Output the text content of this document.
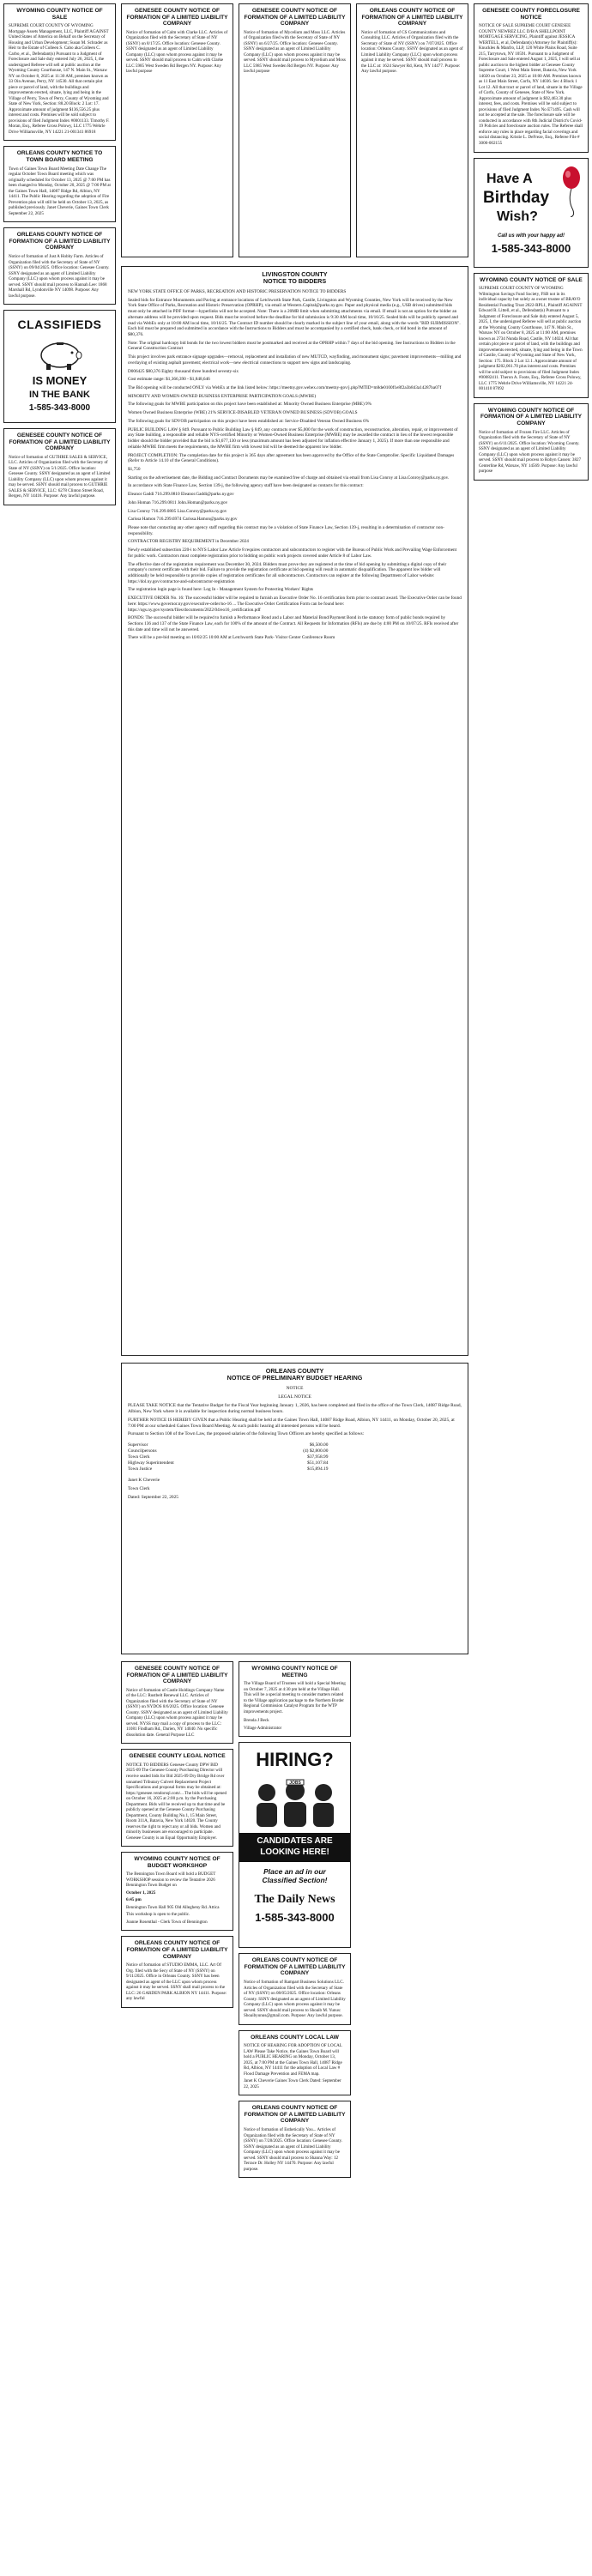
WYOMING COUNTY NOTICE OF SALE

SUPREME COURT COUNTY OF WYOMING Mortgage Assets Management, LLC, Plaintiff AGAINST United States of America on Behalf on the Secretary of Housing and Urban Development; Susan M. Schrader as Heir to the Estate of Colleen S. Cabo aka Colleen C. Carbo, et al., Defendant(s) Pursuant to a Judgment of Foreclosure and Sale duly entered July 26, 2025, I, the undersigned Referee will sell at public auction at the Wyoming County Courthouse, 147 N. Main St., Warsaw NY on October 8, 2025 at 11:30 AM, premises known as 33 Oin Avenue, Perry, NY 14530. All that certain plot piece or parcel of land, with the buildings and improvements erected, situate, lying and being in the Village of Perry, Town of Perry, County of Wyoming and State of New York, Section: 88.20 Block: 2 Lot: 17. Approximate amount of judgment $136,556.25 plus interest and costs. Premises will be sold subject to provisions of filed Judgment Index #0001133. Timothy F. Moran, Esq., Referee Gross Polowy, LLC 1775 Wehrle Drive Williamsville, NY 14221 21-001341 86918

ORLEANS COUNTY NOTICE TO TOWN BOARD MEETING

Town of Gaines Town Board Meeting Date Change The regular October Town Board meeting which was originally scheduled for October 13, 2025 @ 7:00 PM has been changed to Monday, October 20, 2025 @ 7:00 PM at the Gaines Town Hall, 14087 Ridge Rd, Albion, NY 14411. The Public Hearing regarding the adoption of Fire Prevention plan will still be held on October 13, 2025, as published previously. Janet Cheverie, Gaines Town Clerk September 22, 2025

ORLEANS COUNTY NOTICE OF FORMATION OF A LIMITED LIABILITY COMPANY

Notice of formation of Just A Hobby Farm. Articles of Organization filed with the Secretary of State of NY (SSNY) on 09/04/2025. Office location: Genesee County. SSNY designated as an agent of Limited Liability Company (LLC) upon whom process against it may be served. SSNY should mail process to Hannah Lee: 1868 Marshall Rd, Lyndonville NY 14098. Purpose: Any lawful purpose.

CLASSIFIEDS
IS MONEY
IN THE BANK
1-585-343-8000
GENESEE COUNTY NOTICE OF FORMATION OF A LIMITED LIABILITY COMPANY

Notice of formation of GUTHRIE SALES & SERVICE, LLC. Articles of Organization filed with the Secretary of State of NY (SSNY) on 5/1/2025. Office location: Genesee County. SSNY designated as an agent of Limited Liability Company (LLC) upon whom process against it may be served. SSNY should mail process to GUTHRIE SALES & SERVICE, LLC: 6278 Clinton Street Road, Bergen, NY 14416. Purpose: Any lawful purpose.

GENESEE COUNTY NOTICE OF FORMATION OF A LIMITED LIABILITY COMPANY

Notice of formation of Calm with Clarke LLC. Articles of Organization filed with the Secretary of State of NY (SSNY) on 8/17/25. Office location: Genesee County. SSNY designated as an agent of Limited Liability Company (LLC) upon whom process against it may be served. SSNY should mail process to Calm with Clarke LLC 5985 West Sweden Rd Bergen NY. Purpose: Any lawful purpose

GENESEE COUNTY NOTICE OF FORMATION OF A LIMITED LIABILITY COMPANY

Notice of formation of Mycelium and Moss LLC. Articles of Organization filed with the Secretary of State of NY (SSNY) on 6/27/25. Office location: Genesee County. SSNY designated as an agent of Limited Liability Company (LLC) upon whom process against it may be served. SSNY should mail process to Mycelium and Moss LLC 5985 West Sweden Rd Bergen NY. Purpose: Any lawful purpose

ORLEANS COUNTY NOTICE OF FORMATION OF A LIMITED LIABILITY COMPANY

Notice of formation of CS Communications and Consulting LLC. Articles of Organization filed with the Secretary of State of NY (SSNY) on 7/07/2025. Office location: Orleans County. SSNY designated as an agent of Limited Liability Company (LLC) upon whom process against it may be served. SSNY should mail process to the LLC at: 1624 Sawyer Rd, Kent, NY 14477. Purpose: Any lawful purpose.

GENESEE COUNTY FORECLOSURE NOTICE

NOTICE OF SALE SUPREME COURT GENESEE COUNTY NEWREZ LLC D/B/A SHELLPOINT MORTGAGE SERVICING, Plaintiff against JESSICA WERTELL, et al, Defendant(s) Attorney for Plaintiff(s): Knuckles & Manfro, LLP, 120 White Plains Road, Suite 215, Tarrytown, NY 10591. Pursuant to a Judgment of Foreclosure and Sale entered August 1, 2025, I will sell at public auction to the highest bidder at Genesee County Supreme Court, 1 West Main Street, Batavia, New York 14020 on October 23, 2025 at 10:00 AM. Premises known as 11 East Main Street, Corfu, NY 14036. Sec 4 Block 1 Lot 12. All that tract or parcel of land, situate in the Village of Corfu, County of Genesee, State of New York. Approximate amount of judgment is $92,463.30 plus interest, fees, and costs. Premises will be sold subject to provisions of filed Judgment Index No E71495. Cash will not be accepted at the sale. The foreclosure sale will be conducted in accordance with 8th Judicial District's Covid-19 Policies and foreclosure auction rules. The Referee shall enforce any rules in place regarding facial coverings and social distancing. Kristie L. DeFreze, Esq., Referee File # 3000-002155

Have A
Birthday
Wish?
Call us with your happy ad!
1-585-343-8000
WYOMING COUNTY NOTICE OF SALE

SUPREME COURT COUNTY OF WYOMING Wilmington Savings Fund Society, FSB not in its individual capacity but solely as owner trustee of BRAVO Residential Funding Trust 2022-RPL1, Plaintiff AGAINST Edward R. Littell, et al., Defendant(s) Pursuant to a Judgment of Foreclosure and Sale duly entered August 5, 2025, I, the undersigned Referee will sell at public auction at the Wyoming County Courthouse, 147 N. Main St., Warsaw NY on October 8, 2025 at 11:00 AM, premises known as 2734 Nunda Road, Castile, NY 14024. All that certain plot piece or parcel of land, with the buildings and improvements erected, situate, lying and being in the Town of Castile, County of Wyoming and State of New York, Section: 175. Block 2 Lot 12.1. Approximate amount of judgment $202,061.70 plus interest and costs. Premises will be sold subject to provisions of filed Judgment Index #00082411. Theron A. Foote, Esq., Referee Gross Polowy, LLC 1775 Wehrle Drive Williamsville, NY 14221 24-001410 87092

WYOMING COUNTY NOTICE OF FORMATION OF A LIMITED LIABILITY COMPANY

Notice of formation of Frozen Fire LLC. Articles of Organization filed with the Secretary of State of NY (SSNY) on 6/11/2025. Office location: Wyoming County. SSNY designated as an agent of Limited Liability Company (LLC) upon whom process against it may be served. SSNY should mail process to Robyn Cassen: 3827 Centerline Rd, Warsaw, NY 14569. Purpose: Any lawful purpose

LIVINGSTON COUNTY
NOTICE TO BIDDERS

NEW YORK STATE OFFICE OF PARKS, RECREATION AND HISTORIC PRESERVATION NOTICE TO BIDDERS

Sealed bids for Entrance Monuments and Paving at entrance locations of Letchworth State Park, Castile, Livingston and Wyoming Counties, New York will be received by the New York State Office of Parks, Recreation and Historic Preservation (OPRHP), via email at Western.Capital@parks.ny.gov. Paper and physical media (e.g., USB drives) submitted bids must only be attached in PDF format—hyperlinks will not be accepted. Note: There is a 20MB limit when submitting attachments via email. If email is not an option for the bidder an alternate address will be provided upon request. Bids must be received before the deadline for bid submission is 9:30 AM local time, 10/16/25. Sealed bids will be publicly opened and read via WebEx only at 10:00 AM local time, 10/16/25. The Contract ID number should be clearly marked in the subject line of your email, along with the words "BID SUBMISSION". Each bid must be prepared and submitted in accordance with the Instructions to Bidders and must be accompanied by a certified check, bank check, or bid bond in the amount of $80,376.

Note: The original hardcopy bid bonds for the two lowest bidders must be postmarked and received at the OPRHP within 7 days of the bid opening. See Instructions to Bidders in the General Construction Contract

This project involves park entrance signage upgrades—removal, replacement and installation of new MUTCD, wayfinding, and monument signs; pavement improvements—milling and overlaying of existing asphalt pavement; electrical work—new electrical connections to support new signs and landscaping.

D006425 $80,376 Eighty thousand three hundred seventy-six

Cost estimate range: $1,366,390 - $1,848,646

The Bid opening will be conducted ONLY via WebEx at the link listed below: https://meetny.gov.webex.com/meetny-gov/j.php?MTID=m8de0100f1e8f2a3b843a14287ba07f

MINORITY AND WOMEN-OWNED BUSINESS ENTERPRISE PARTICIPATION GOALS (MWBE)

The following goals for MWBE participation on this project have been established at: Minority Owned Business Enterprise (MBE) 9%

Women Owned Business Enterprise (WBE) 21% SERVICE-DISABLED VETERAN OWNED BUSINESS (SDVOB) GOALS

The following goals for SDVOB participation on this project have been established at: Service-Disabled Veteran Owned Business 6%

PUBLIC BUILDING LAW § 849. Pursuant to Public Building Law § 849, any contracts over $5,000 for the work of construction, reconstruction, alteration, repair, or improvement of any State building, a responsible and reliable NYS-certified Minority or Women-Owned Business Enterprise (MWBE) may be awarded the contract in lieu of the lowest responsible bidder should the bidder provided that the bid is $1,677,130 or less (maximum amount has been adjusted for inflation effective January 1, 2025). If more than one responsible and reliable MWBE firm meets the requirements, the MWBE firm with lowest bid will be deemed the apparent low bidder.

PROJECT COMPLETION: The completion date for this project is 365 days after agreement has been approved by the Office of the State Comptroller. Specific Liquidated Damages (Refer to Article 14.10 of the General Conditions).

$1,750

Starting on the advertisement date, the Bidding and Contract Documents may be examined free of charge and obtained via email from Lisa Conroy at Lisa.Conroy@parks.ny.gov.

In accordance with State Finance Law, Section 139-j, the following agency staff have been designated as contacts for this contract:

Eleanor Gaddi 716.299.0810 Eleanor.Gaddi@parks.ny.gov

John Homan 716.299.0811 John.Homan@parks.ny.gov

Lisa Conroy 716.299.0805 Lisa.Conroy@parks.ny.gov

Carissa Hamon 716.299.6974 Carissa.Hamon@parks.ny.gov

Please note that contacting any other agency staff regarding this contract may be a violation of State Finance Law, Section 139-j, resulting in a determination of contractor non-responsibility.

CONTRACTOR REGISTRY REQUIREMENT in December 2024

Newly established subsection 220-i to NYS Labor Law Article 8 requires contractors and subcontractors to register with the Bureau of Public Work and Prevailing Wage Enforcement for public work. Contractors must complete registration prior to bidding on public work projects covered under Article 8 of Labor Law.

The effective date of the registration requirement was December 30, 2024. Bidders must prove they are registered at the time of bid opening by submitting a digital copy of their company's current certificate with their bid. Failure to provide the registration certificate at bid opening will result in automatic disqualification. The apparent low bidder will additionally be held responsible to provide copies of registration certificates for all subcontractors. Contractors can register at the following Department of Labor website: https://dol.ny.gov/contractor-and-subcontractor-registration

The registration login page is found here: Log In - Management System for Protecting Workers' Rights

EXECUTIVE ORDER No. 16: The successful bidder will be required to furnish an Executive Order No. 16 certification form prior to contract award. The Executive Order can be found here: https://www.governor.ny.gov/executive-order/no-16 ... The Executive Order Certification Form can be found here: https://ogs.ny.gov/system/files/documents/2022/04/eo16_certification.pdf

BONDS: The successful bidder will be required to furnish a Performance Bond and a Labor and Material Bond/Payment Bond in the statutory form of public bonds required by Sections 136 and 137 of the State Finance Law, each for 100% of the amount of the Contract. All Requests for Information (RFIs) are due by 4:00 PM on 10/07/25. RFIs received after this date and time will not be answered.

There will be a pre-bid meeting on 10/02/25 10:00 AM at Letchworth State Park- Visitor Center Conference Room

ORLEANS COUNTY
NOTICE OF PRELIMINARY BUDGET HEARING

NOTICE

LEGAL NOTICE

PLEASE TAKE NOTICE that the Tentative Budget for the Fiscal Year beginning January 1, 2026, has been completed and filed in the office of the Town Clerk, 14087 Ridge Road, Albion, New York where it is available for inspection during normal business hours.

FURTHER NOTICE IS HEREBY GIVEN that a Public Hearing shall be held at the Gaines Town Hall, 14087 Ridge Road, Albion, NY 14411, on Monday, October 20, 2025, at 7:00 PM at our scheduled Gaines Town Board Meeting. At such public hearing all interested persons will be heard.

Pursuant to Section 108 of the Town Law, the proposed salaries of the following Town Officers are hereby specified as follows:

Supervisor	$6,500.00
Councilpersons	(4) $2,800.00
Town Clerk	$37,958.99
Highway Superintendent	$51,107.84
Town Justice	$15,894.19

Janet K Cheverie

Town Clerk

Dated: September 22, 2025

GENESEE COUNTY NOTICE OF FORMATION OF A LIMITED LIABILITY COMPANY

Notice of formation of Castle Holdings Company Name of the LLC: Rustbelt Renewal LLC. Articles of Organization filed with the Secretary of State of NY (SSNY) on NYDOS 8/6/2025. Office location: Genesee County. SSNY designated as an agent of Limited Liability Company (LLC) upon whom process against it may be served. NYSS may mail a copy of process to the LLC: 11081 Findham Rd., Darien, NY 14040. No specific dissolution date. General Purpose LLC

GENESEE COUNTY LEGAL NOTICE

NOTICE TO BIDDERS Genesee County DPW BID 2025-09 The Genesee County Purchasing Director will receive sealed bids for Bid 2025-09 Dry Bridge Rd over unnamed Tributary Culvert Replacement Project Specifications and proposal forms may be obtained at: https://genesee.vendorsql.com/... The bids will be opened on October 16, 2025 at 2:00 p.m. by the Purchasing Department. Bids will be received up to that time and be publicly opened at the Genesee County Purchasing Department, County Building No.1, 15 Main Street, Room 311A, Batavia, New York 14020. The County reserves the right to reject any or all bids. Women and minority businesses are encouraged to participate. Genesee County is an Equal Opportunity Employer.

WYOMING COUNTY NOTICE OF BUDGET WORKSHOP

The Bennington Town Board will hold a BUDGET WORKSHOP session to review the Tentative 2026 Bennington Town Budget on

October 1, 2025

6:45 pm

Bennington Town Hall 905 Old Allegheny Rd. Attica

This workshop is open to the public.

Joanne Rosenthal - Clerk Town of Bennington

ORLEANS COUNTY NOTICE OF FORMATION OF A LIMITED LIABILITY COMPANY

Notice of formation of STUDIO EMMA, LLC. Art Of Org. filed with the Secy of State of NY (SSNY) on 9/11/2025. Office in Orleans County. SSNY has been designated as agent of the LLC upon whom process against it may be served. SSNY shall mail process to the LLC: 26 GARDEN PARK ALBION NY 14411. Purpose: any lawful

WYOMING COUNTY NOTICE OF MEETING

The Village Board of Trustees will hold a Special Meeting on October 7, 2025 at 4:30 pm held at the Village Hall. This will be a special meeting to consider matters related to the Village application package to the Northern Border Regional Commission Catalyst Program for the WTP improvements project.

Brenda J Beck

Village Administrator

HIRING?
JOBS
CANDIDATES ARE
LOOKING HERE!
Place an ad in our
Classified Section!
The Daily News
1-585-343-8000
ORLEANS COUNTY NOTICE OF FORMATION OF A LIMITED LIABILITY COMPANY

Notice of formation of Rampart Business Solutions LLC. Articles of Organization filed with the Secretary of State of NY (SSNY) on 08/05/2025. Office location: Orleans County. SSNY designated as an agent of Limited Liability Company (LLC) upon whom process against it may be served. SSNY should mail process to Shoaib M. Yunus: Shoaibyunus@gmail.com. Purpose: Any lawful purpose.

ORLEANS COUNTY LOCAL LAW

NOTICE OF HEARING FOR ADOPTION OF LOCAL LAW Please Take Notice, the Gaines Town Board will hold a PUBLIC HEARING on Monday, October 13, 2025, at 7:00 PM at the Gaines Town Hall, 14087 Ridge Rd, Albion, NY 14411 for the adoption of Local Law # Flood Damage Prevention and FEMA map.

Janet K Cheverie Gaines Town Clerk Dated: September 22, 2025

ORLEANS COUNTY NOTICE OF FORMATION OF A LIMITED LIABILITY COMPANY

Notice of formation of Esthetically You... Articles of Organization filed with the Secretary of State of NY (SSNY) on 7/28/2025. Office location: Genesee County. SSNY designated as an agent of Limited Liability Company (LLC) upon whom process against it may be served. SSNY should mail process to Shanna Way: 12 Terrace Dr. Holley NY 14470. Purpose: Any lawful purpose.
